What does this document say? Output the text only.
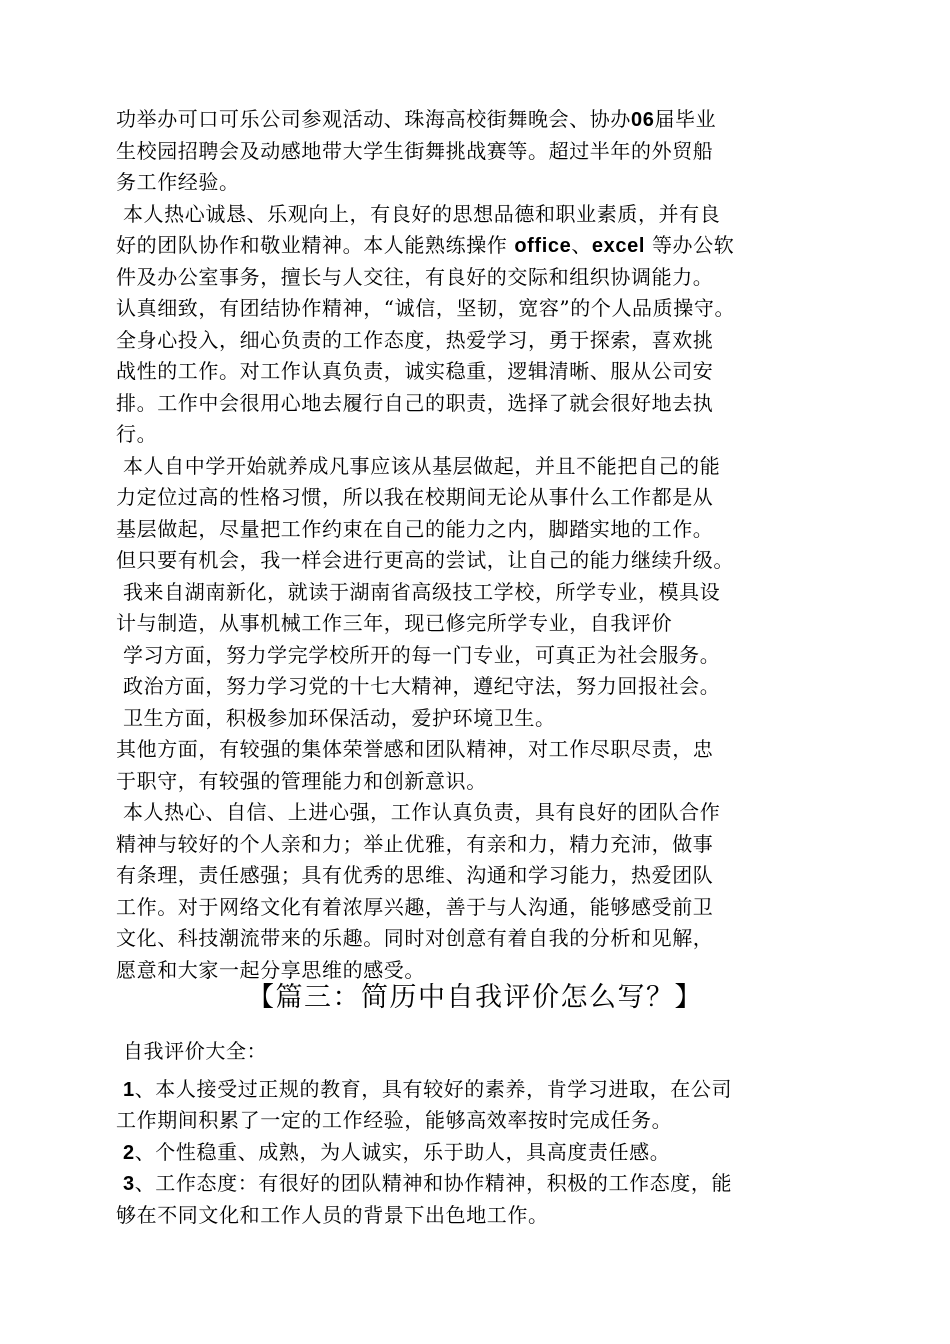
功举办可口可乐公司参观活动、珠海高校街舞晚会、协办06届毕业
生校园招聘会及动感地带大学生街舞挑战赛等。超过半年的外贸船
务工作经验。
本人热心诚恳、乐观向上，有良好的思想品德和职业素质，并有良
好的团队协作和敬业精神。本人能熟练操作 office、excel 等办公软
件及办公室事务，擅长与人交往，有良好的交际和组织协调能力。
认真细致，有团结协作精神，“诚信，坚韧，宽容”的个人品质操守。
全身心投入，细心负责的工作态度，热爱学习，勇于探索，喜欢挑
战性的工作。对工作认真负责，诚实稳重，逻辑清晰、服从公司安
排。工作中会很用心地去履行自己的职责，选择了就会很好地去执
行。
本人自中学开始就养成凡事应该从基层做起，并且不能把自己的能
力定位过高的性格习惯，所以我在校期间无论从事什么工作都是从
基层做起，尽量把工作约束在自己的能力之内，脚踏实地的工作。
但只要有机会，我一样会进行更高的尝试，让自己的能力继续升级。
我来自湖南新化，就读于湖南省高级技工学校，所学专业，模具设
计与制造，从事机械工作三年，现已修完所学专业，自我评价
学习方面，努力学完学校所开的每一门专业，可真正为社会服务。
政治方面，努力学习党的十七大精神，遵纪守法，努力回报社会。
卫生方面，积极参加环保活动，爱护环境卫生。
其他方面，有较强的集体荣誉感和团队精神，对工作尽职尽责，忠
于职守，有较强的管理能力和创新意识。
本人热心、自信、上进心强，工作认真负责，具有良好的团队合作
精神与较好的个人亲和力；举止优雅，有亲和力，精力充沛，做事
有条理，责任感强；具有优秀的思维、沟通和学习能力，热爱团队
工作。对于网络文化有着浓厚兴趣，善于与人沟通，能够感受前卫
文化、科技潮流带来的乐趣。同时对创意有着自我的分析和见解，
愿意和大家一起分享思维的感受。
【篇三：简历中自我评价怎么写？】
自我评价大全：
1、本人接受过正规的教育，具有较好的素养，肯学习进取，在公司
工作期间积累了一定的工作经验，能够高效率按时完成任务。
2、个性稳重、成熟，为人诚实，乐于助人，具高度责任感。
3、工作态度：有很好的团队精神和协作精神，积极的工作态度，能
够在不同文化和工作人员的背景下出色地工作。
